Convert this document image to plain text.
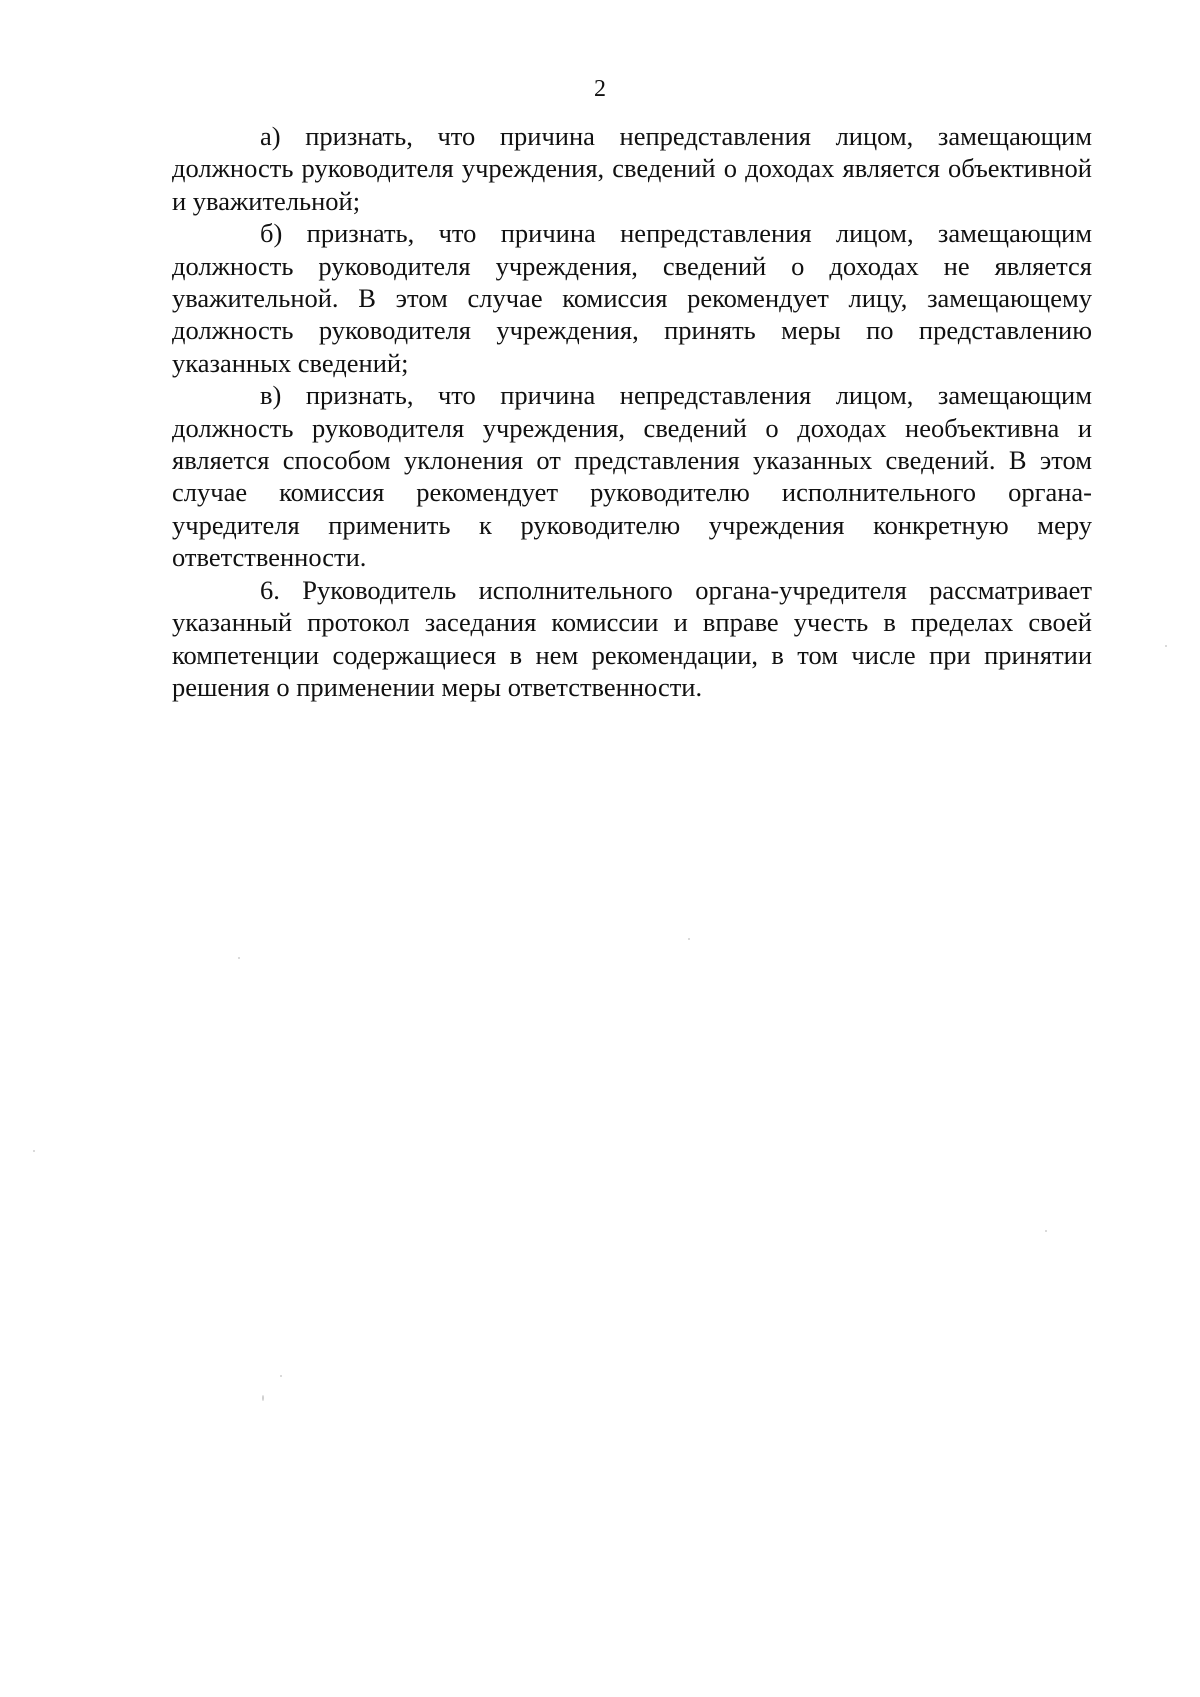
2

а) признать, что причина непредставления лицом, замещающим должность руководителя учреждения, сведений о доходах является объективной и уважительной;

б) признать, что причина непредставления лицом, замещающим должность руководителя учреждения, сведений о доходах не является уважительной. В этом случае комиссия рекомендует лицу, замещающему должность руководителя учреждения, принять меры по представлению указанных сведений;

в) признать, что причина непредставления лицом, замещающим должность руководителя учреждения, сведений о доходах необъективна и является способом уклонения от представления указанных сведений. В этом случае комиссия рекомендует руководителю исполнительного органа-учредителя применить к руководителю учреждения конкретную меру ответственности.

6. Руководитель исполнительного органа-учредителя рассматривает указанный протокол заседания комиссии и вправе учесть в пределах своей компетенции содержащиеся в нем рекомендации, в том числе при принятии решения о применении меры ответственности.
